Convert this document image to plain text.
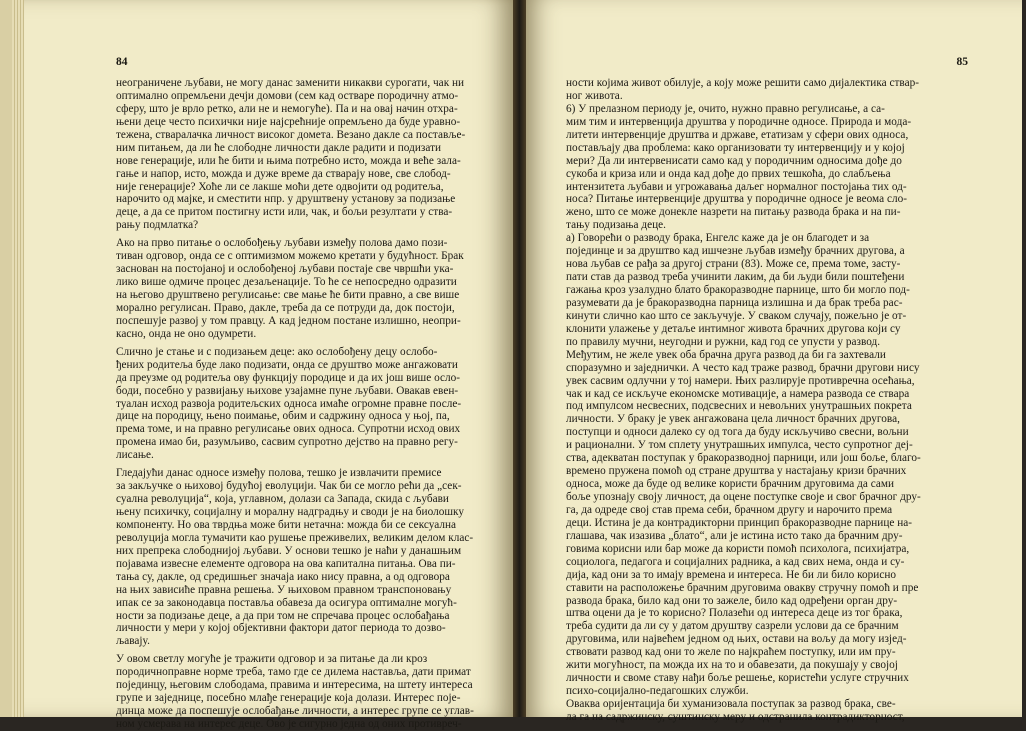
84
неограничене љубави, не могу данас заменити никакви сурогати, чак ни
оптимално опремљени дечји домови (сем кад остваре породичну атмо-
сферу, што је врло ретко, али не и немогуће). Па и на овај начин отхра-
њени деце често психички није најсрећније опремљено да буде уравно-
тежена, стваралачка личност високог домета. Везано дакле са поставље-
ним питањем, да ли ће слободне личности дакле радити и подизати
нове генерације, или ће бити и њима потребно исто, можда и веће зала-
гање и напор, исто, можда и дуже време да стварају нове, све слобод-
није генерације? Хоће ли се лакше моћи дете одвојити од родитеља,
нарочито од мајке, и сместити нпр. у друштвену установу за подизање
деце, а да се притом постигну исти или, чак, и бољи резултати у ства-
рању подмлатка?
Ако на прво питање о ослобођењу љубави између полова дамо пози-
тиван одговор, онда се с оптимизмом можемо кретати у будућност. Брак
заснован на постојаној и ослобођеној љубави постаје све чвршћи ука-
лико више одмиче процес дезаљенације. То ће се непосредно одразити
на његово друштвено регулисање: све мање ће бити правно, а све више
морално регулисан. Право, дакле, треба да се потруди да, док постоји,
поспешује развој у том правцу. А кад једном постане излишно, неопри-
касно, онда не оно одумрети.
Слично је стање и с подизањем деце: ако ослобођену децу ослобо-
ђених родитеља буде лако подизати, онда се друштво може ангажовати
да преузме од родитеља ову функцију породице и да их још више осло-
боди, посебно у развијању њихове узајамне пуне љубави. Овакав евен-
туалан исход развоја родитељских односа имаће огромне правне после-
дице на породицу, њено поимање, обим и садржину односа у њој, па,
према томе, и на правно регулисање ових односа. Супротни исход ових
промена имао би, разумљиво, сасвим супротно дејство на правно регу-
лисање.
Гледајући данас односе између полова, тешко је извлачити премисе
за закључке о њиховој будућој еволуцији. Чак би се могло рећи да „сек-
суална револуција“, која, углавном, долази са Запада, скида с љубави
њену психичку, социјалну и моралну надградњу и своди је на биолошку
компоненту. Но ова тврдња може бити нетачна: можда би се сексуална
револуција могла тумачити као рушење преживелих, великим делом клас-
них препрека слободнијој љубави. У основи тешко је наћи у данашњим
појавама извесне елементе одговора на ова капитална питања. Ова пи-
тања су, дакле, од средишњег значаја иако нису правна, а од одговора
на њих зависиће правна решења. У њиховом правном транспоновању
ипак се за законодавца поставља обавеза да осигура оптималне могућ-
ности за подизање деце, а да при том не спречава процес ослобађања
личности у мери у којој објективни фактори датог периода то дозво-
љавају.
У овом светлу могуће је тражити одговор и за питање да ли кроз
породичноправне норме треба, тамо где се дилема наставља, дати примат
појединцу, његовим слободама, правима и интересима, на штету интереса
групе и заједнице, посебно млађе генерације која долази. Интерес поје-
динца може да поспешује ослобађање личности, а интерес групе се углав-
ном усмерава на интерес деце. Ово је сигурно једна од оних противреч-
85
ности којима живот обилује, а коју може решити само дијалектика ствар-
ног живота.
6) У прелазном периоду је, очито, нужно правно регулисање, а са-
мим тим и интервенција друштва у породичне односе. Природа и мода-
литети интервенције друштва и државе, етатизам у сфери ових односа,
постављају два проблема: како организовати ту интервенцију и у којој
мери? Да ли интервенисати само кад у породичним односима дође до
сукоба и криза или и онда кад дође до првих тешкоћа, до слабљења
интензитета љубави и угрожавања даљег нормалног постојања тих од-
носа? Питање интервенције друштва у породичне односе је веома сло-
жено, што се може донекле назрети на питању развода брака и на пи-
тању подизања деце.
а) Говорећи о разводу брака, Енгелс каже да је он благодет и за
појединце и за друштво кад ишчезне љубав између брачних другова, а
нова љубав се рађа за другој страни (83). Може се, према томе, засту-
пати став да развод треба учинити лаким, да би људи били поштеђени
гажања кроз узалудно блато бракоразводне парнице, што би могло под-
разумевати да је бракоразводна парница излишна и да брак треба рас-
кинути слично као што се закључује. У сваком случају, пожељно је от-
клонити улажење у детаље интимног живота брачних другова који су
по правилу мучни, неугодни и ружни, кад год се упусти у развод.
Међутим, не желе увек оба брачна друга развод да би га захтевали
споразумно и заједнички. А често кад траже развод, брачни другови нису
увек сасвим одлучни у тој намери. Њих разлирује противречна осећања,
чак и кад се искључе економске мотивације, а намера развода се ствара
под импулсом несвесних, подсвесних и невољних унутрашњих покрета
личности. У браку је увек ангажована цела личност брачних другова,
поступци и односи далеко су од тога да буду искључиво свесни, вољни
и рационални. У том сплету унутрашњих импулса, често супротног деј-
ства, адекватан поступак у бракоразводној парници, или још боље, благо-
времено пружена помоћ од стране друштва у настајању кризи брачних
односа, може да буде од велике користи брачним друговима да сами
боље упознају своју личност, да оцене поступке своје и свог брачног дру-
га, да одреде свој став према себи, брачном другу и нарочито према
деци. Истина је да контрадикторни принцип бракоразводне парнице на-
глашава, чак изазива „блато“, али је истина исто тако да брачним дру-
говима корисни или бар може да користи помоћ психолога, психијатра,
социолога, педагога и социјалних радника, а кад свих нема, онда и су-
дија, кад они за то имају времена и интереса. Не би ли било корисно
ставити на расположење брачним друговима овакву стручну помоћ и пре
развода брака, било кад они то зажеле, било кад одређени орган дру-
штва оцени да је то корисно? Полазећи од интереса деце из тог брака,
треба судити да ли су у датом друштву сазрели услови да се брачним
друговима, или највећем једном од њих, остави на вољу да могу изјед-
ствовати развод кад они то желе по најкраћем поступку, или им пру-
жити могућност, па можда их на то и обавезати, да покушају у својој
личности и своме ставу нађи боље решење, користећи услуге стручних
психо-социјално-педагошких служби.
Оваква оријентација би хуманизовала поступак за развод брака, све-
ла га на садржинску, суштинску меру и одстранила контрадикторност,
